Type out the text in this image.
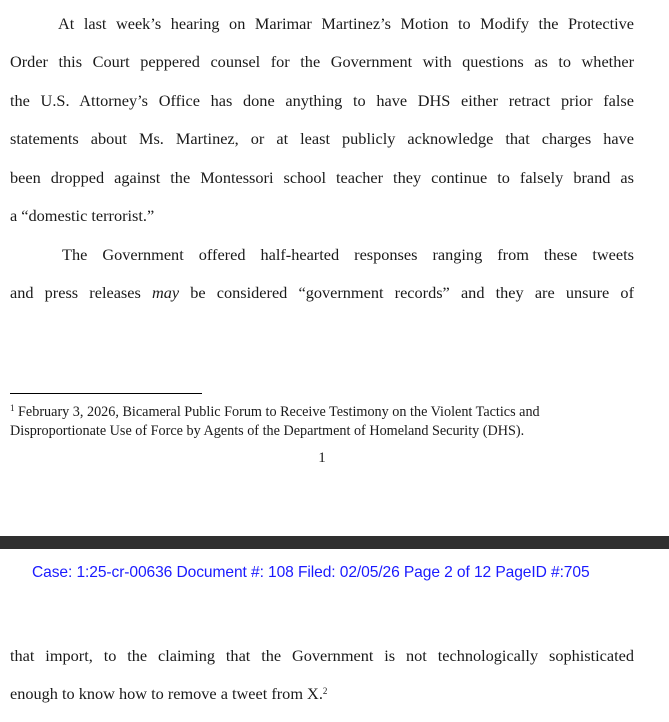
At last week’s hearing on Marimar Martinez’s Motion to Modify the Protective
Order this Court peppered counsel for the Government with questions as to whether
the U.S. Attorney’s Office has done anything to have DHS either retract prior false
statements about Ms. Martinez, or at least publicly acknowledge that charges have
been dropped against the Montessori school teacher they continue to falsely brand as
a “domestic terrorist.”
The Government offered half-hearted responses ranging from these tweets
and press releases may be considered “government records” and they are unsure of
$^1$ February 3, 2026, Bicameral Public Forum to Receive Testimony on the Violent Tactics and
Disproportionate Use of Force by Agents of the Department of Homeland Security (DHS).
1
Case: 1:25-cr-00636 Document #: 108 Filed: 02/05/26 Page 2 of 12 PageID #:705
that import, to the claiming that the Government is not technologically sophisticated
enough to know how to remove a tweet from X.$^2$
